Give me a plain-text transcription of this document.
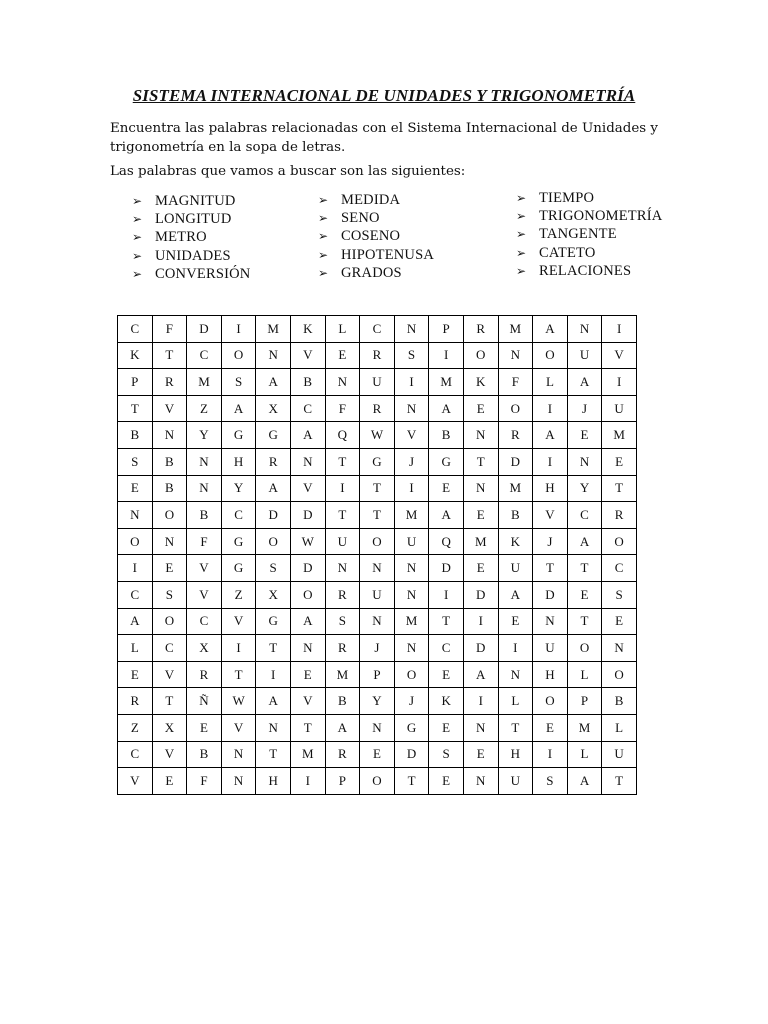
SISTEMA INTERNACIONAL DE UNIDADES Y TRIGONOMETRÍA
Encuentra las palabras relacionadas con el Sistema Internacional de Unidades y trigonometría en la sopa de letras.
Las palabras que vamos a buscar son las siguientes:
➢ MAGNITUD
➢ LONGITUD
➢ METRO
➢ UNIDADES
➢ CONVERSIÓN
➢ MEDIDA
➢ SENO
➢ COSENO
➢ HIPOTENUSA
➢ GRADOS
➢ TIEMPO
➢ TRIGONOMETRÍA
➢ TANGENTE
➢ CATETO
➢ RELACIONES
C	F	D	I	M	K	L	C	N	P	R	M	A	N	I
K	T	C	O	N	V	E	R	S	I	O	N	O	U	V
P	R	M	S	A	B	N	U	I	M	K	F	L	A	I
T	V	Z	A	X	C	F	R	N	A	E	O	I	J	U
B	N	Y	G	G	A	Q	W	V	B	N	R	A	E	M
S	B	N	H	R	N	T	G	J	G	T	D	I	N	E
E	B	N	Y	A	V	I	T	I	E	N	M	H	Y	T
N	O	B	C	D	D	T	T	M	A	E	B	V	C	R
O	N	F	G	O	W	U	O	U	Q	M	K	J	A	O
I	E	V	G	S	D	N	N	N	D	E	U	T	T	C
C	S	V	Z	X	O	R	U	N	I	D	A	D	E	S
A	O	C	V	G	A	S	N	M	T	I	E	N	T	E
L	C	X	I	T	N	R	J	N	C	D	I	U	O	N
E	V	R	T	I	E	M	P	O	E	A	N	H	L	O
R	T	Ñ	W	A	V	B	Y	J	K	I	L	O	P	B
Z	X	E	V	N	T	A	N	G	E	N	T	E	M	L
C	V	B	N	T	M	R	E	D	S	E	H	I	L	U
V	E	F	N	H	I	P	O	T	E	N	U	S	A	T
